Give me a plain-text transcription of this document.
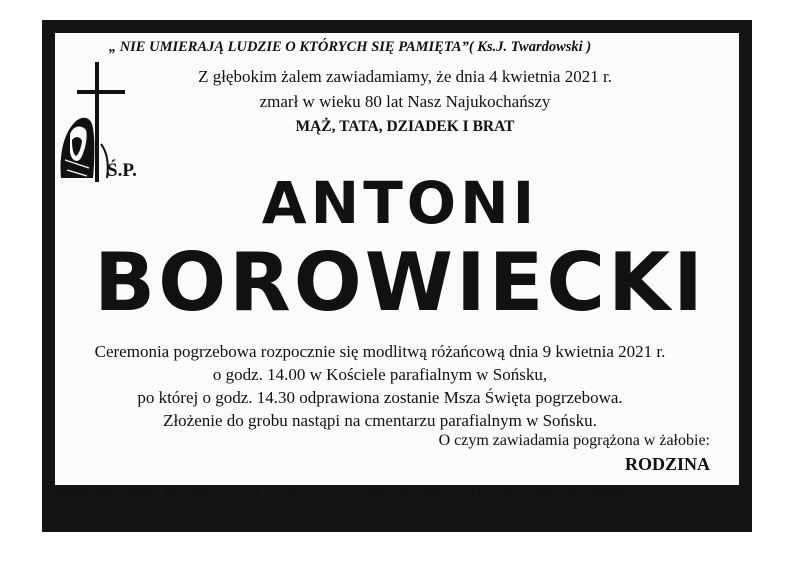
„ NIE UMIERAJĄ LUDZIE O KTÓRYCH SIĘ PAMIĘTA”( Ks.J. Twardowski )
Z głębokim żalem zawiadamiamy, że dnia 4 kwietnia 2021 r.
zmarł w wieku 80 lat Nasz Najukochańszy
MĄŻ, TATA, DZIADEK I BRAT
Ś.P.	ANTONI
BOROWIECKI
Ceremonia pogrzebowa rozpocznie się modlitwą różańcową dnia 9 kwietnia 2021 r.
o godz. 14.00 w Kościele parafialnym w Sońsku,
po której o godz. 14.30 odprawiona zostanie Msza Święta pogrzebowa.
Złożenie do grobu nastąpi na cmentarzu parafialnym w Sońsku.
O czym zawiadamia pogrążona w żałobie:
RODZINA
DRUK:ZUP HADES RafałŻurawski ul.Gostkowska39B tel.236723118,236721488,662198820
